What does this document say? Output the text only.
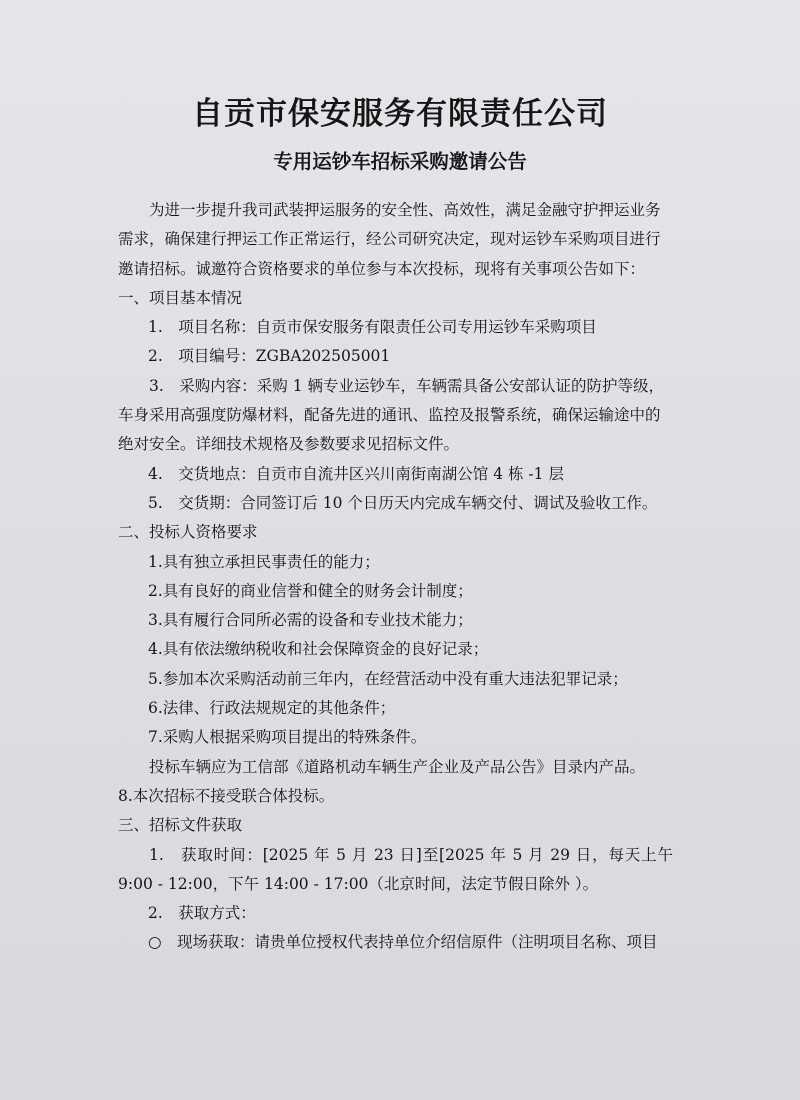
自贡市保安服务有限责任公司
专用运钞车招标采购邀请公告

为进一步提升我司武装押运服务的安全性、高效性，满足金融守护押运业务需求，确保建行押运工作正常运行，经公司研究决定，现对运钞车采购项目进行邀请招标。诚邀符合资格要求的单位参与本次投标，现将有关事项公告如下：

一、项目基本情况

1.　项目名称：自贡市保安服务有限责任公司专用运钞车采购项目

2.　项目编号：ZGBA202505001

3.　采购内容：采购 1 辆专业运钞车，车辆需具备公安部认证的防护等级，车身采用高强度防爆材料，配备先进的通讯、监控及报警系统，确保运输途中的绝对安全。详细技术规格及参数要求见招标文件。

4.　交货地点：自贡市自流井区兴川南街南湖公馆 4 栋 -1 层

5.　交货期：合同签订后 10 个日历天内完成车辆交付、调试及验收工作。

二、投标人资格要求

1.具有独立承担民事责任的能力；

2.具有良好的商业信誉和健全的财务会计制度；

3.具有履行合同所必需的设备和专业技术能力；

4.具有依法缴纳税收和社会保障资金的良好记录；

5.参加本次采购活动前三年内，在经营活动中没有重大违法犯罪记录；

6.法律、行政法规规定的其他条件；

7.采购人根据采购项目提出的特殊条件。

投标车辆应为工信部《道路机动车辆生产企业及产品公告》目录内产品。

8.本次招标不接受联合体投标。

三、招标文件获取

1.　获取时间：[2025 年 5 月 23 日]至[2025 年 5 月 29 日，每天上午 9:00 - 12:00，下午 14:00 - 17:00（北京时间，法定节假日除外 ）。

2.　获取方式：

○　现场获取：请贵单位授权代表持单位介绍信原件（注明项目名称、项目
